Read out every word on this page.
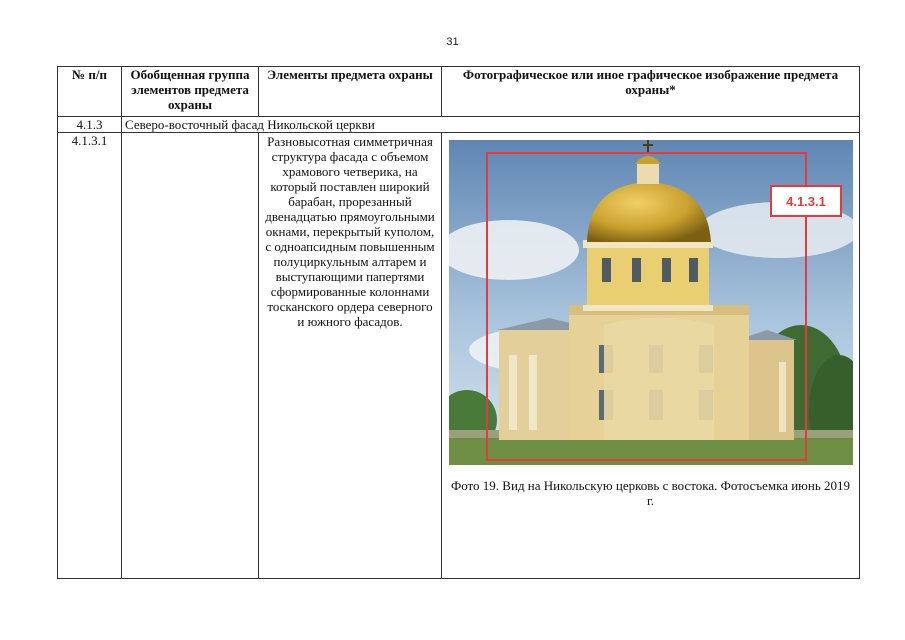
31
№ п/п	Обобщенная группа элементов предмета охраны	Элементы предмета охраны	Фотографическое или иное графическое изображение предмета охраны*
4.1.3	Северо-восточный фасад Никольской церкви		
4.1.3.1		Разновысотная симметричная структура фасада с объемом храмового четверика, на который поставлен широкий барабан, прорезанный двенадцатью прямоугольными окнами, перекрытый куполом, с одноапсидным повышенным полуциркульным алтарем и выступающими папертями сформированные колоннами тосканского ордера северного и южного фасадов.	4.1.3.1
Фото 19. Вид на Никольскую церковь с востока. Фотосъемка июнь 2019 г.
